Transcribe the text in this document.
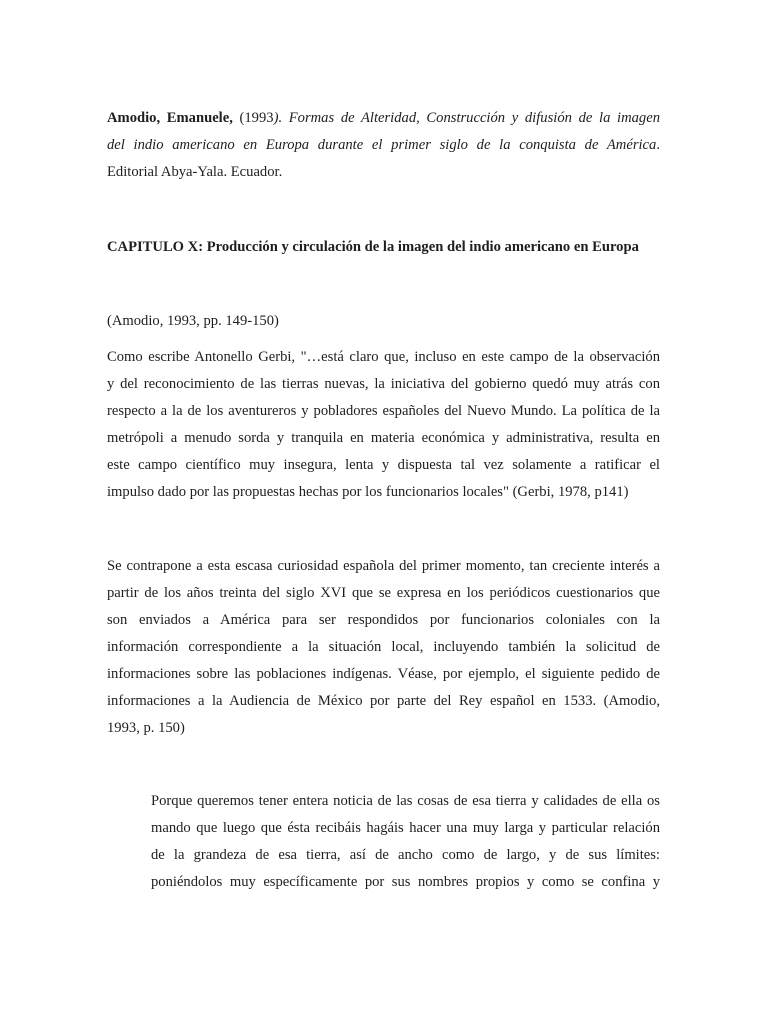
Amodio, Emanuele, (1993). Formas de Alteridad, Construcción y difusión de la imagen
del indio americano en Europa durante el primer siglo de la conquista de América.
Editorial Abya-Yala. Ecuador.
CAPITULO X: Producción y circulación de la imagen del indio americano en Europa
(Amodio, 1993, pp. 149-150)
Como escribe Antonello Gerbi, "…está claro que, incluso en este campo de la observación
y del reconocimiento de las tierras nuevas, la iniciativa del gobierno quedó muy atrás con
respecto a la de los aventureros y pobladores españoles del Nuevo Mundo. La política de la
metrópoli a menudo sorda y tranquila en materia económica y administrativa, resulta en
este campo científico muy insegura, lenta y dispuesta tal vez solamente a ratificar el
impulso dado por las propuestas hechas por los funcionarios locales" (Gerbi, 1978, p141)
Se contrapone a esta escasa curiosidad española del primer momento, tan creciente interés a
partir de los años treinta del siglo XVI que se expresa en los periódicos cuestionarios que
son enviados a América para ser respondidos por funcionarios coloniales con la
información correspondiente a la situación local, incluyendo también la solicitud de
informaciones sobre las poblaciones indígenas. Véase, por ejemplo, el siguiente pedido de
informaciones a la Audiencia de México por parte del Rey español en 1533. (Amodio,
1993, p. 150)
Porque queremos tener entera noticia de las cosas de esa tierra y calidades de ella os
mando que luego que ésta recibáis hagáis hacer una muy larga y particular relación
de la grandeza de esa tierra, así de ancho como de largo, y de sus límites:
poniéndolos muy específicamente por sus nombres propios y como se confina y
